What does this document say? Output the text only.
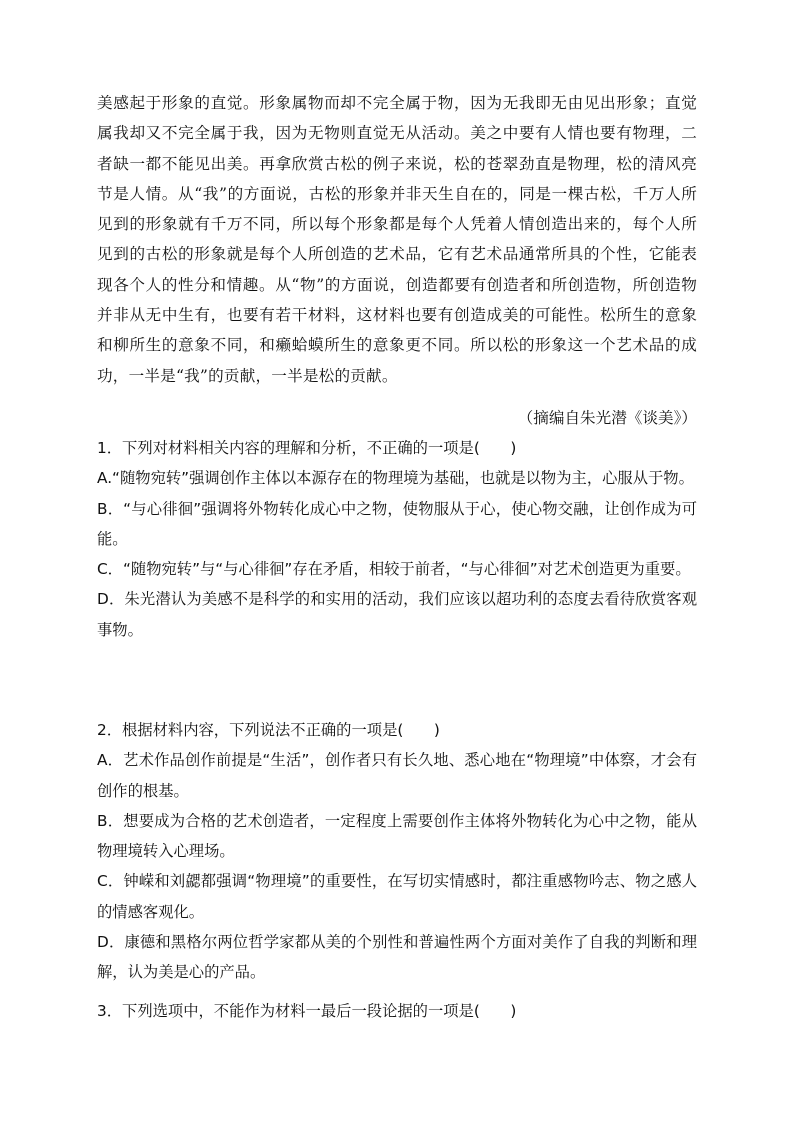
美感起于形象的直觉。形象属物而却不完全属于物，因为无我即无由见出形象；直觉属我却又不完全属于我，因为无物则直觉无从活动。美之中要有人情也要有物理，二者缺一都不能见出美。再拿欣赏古松的例子来说，松的苍翠劲直是物理，松的清风亮节是人情。从“我”的方面说，古松的形象并非天生自在的，同是一棵古松，千万人所见到的形象就有千万不同，所以每个形象都是每个人凭着人情创造出来的，每个人所见到的古松的形象就是每个人所创造的艺术品，它有艺术品通常所具的个性，它能表现各个人的性分和情趣。从“物”的方面说，创造都要有创造者和所创造物，所创造物并非从无中生有，也要有若干材料，这材料也要有创造成美的可能性。松所生的意象和柳所生的意象不同，和癞蛤蟆所生的意象更不同。所以松的形象这一个艺术品的成功，一半是“我”的贡献，一半是松的贡献。

（摘编自朱光潜《谈美》）

1．下列对材料相关内容的理解和分析，不正确的一项是(　　)

A.“随物宛转”强调创作主体以本源存在的物理境为基础，也就是以物为主，心服从于物。

B．“与心徘徊”强调将外物转化成心中之物，使物服从于心，使心物交融，让创作成为可能。

C．“随物宛转”与“与心徘徊”存在矛盾，相较于前者，“与心徘徊”对艺术创造更为重要。

D．朱光潜认为美感不是科学的和实用的活动，我们应该以超功利的态度去看待欣赏客观事物。

2．根据材料内容，下列说法不正确的一项是(　　)

A．艺术作品创作前提是“生活”，创作者只有长久地、悉心地在“物理境”中体察，才会有创作的根基。

B．想要成为合格的艺术创造者，一定程度上需要创作主体将外物转化为心中之物，能从物理境转入心理场。

C．钟嵘和刘勰都强调“物理境”的重要性，在写切实情感时，都注重感物吟志、物之感人的情感客观化。

D．康德和黑格尔两位哲学家都从美的个别性和普遍性两个方面对美作了自我的判断和理解，认为美是心的产品。

3．下列选项中，不能作为材料一最后一段论据的一项是(　　)
